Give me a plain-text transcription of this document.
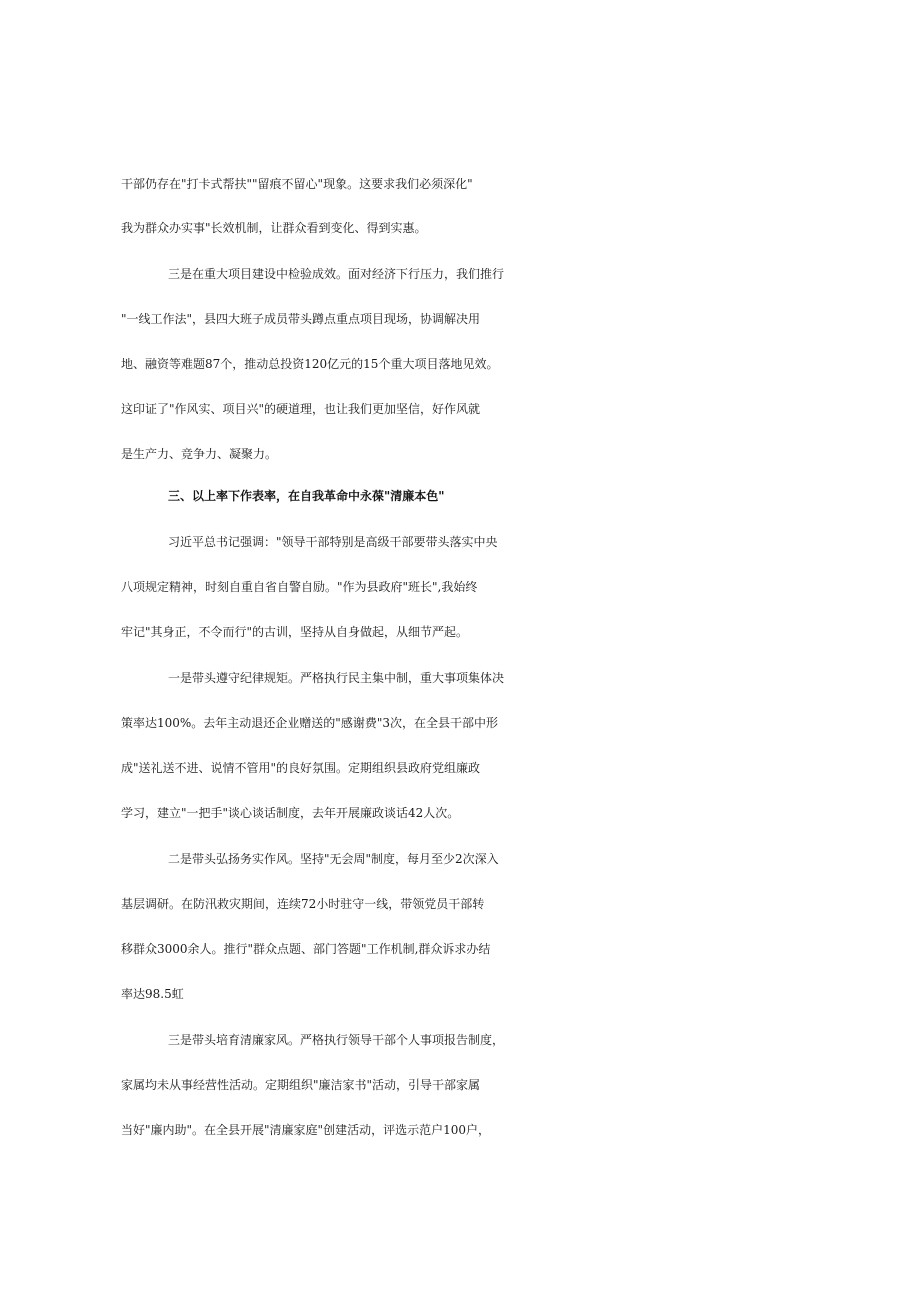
干部仍存在"打卡式帮扶""留痕不留心"现象。这要求我们必须深化"
我为群众办实事"长效机制，让群众看到变化、得到实惠。
三是在重大项目建设中检验成效。面对经济下行压力，我们推行
"一线工作法"，县四大班子成员带头蹲点重点项目现场，协调解决用
地、融资等难题87个，推动总投资120亿元的15个重大项目落地见效。
这印证了"作风实、项目兴"的硬道理，也让我们更加坚信，好作风就
是生产力、竞争力、凝聚力。
三、以上率下作表率，在自我革命中永葆"清廉本色"
习近平总书记强调："领导干部特别是高级干部要带头落实中央
八项规定精神，时刻自重自省自警自励。"作为县政府"班长",我始终
牢记"其身正，不令而行"的古训，坚持从自身做起，从细节严起。
一是带头遵守纪律规矩。严格执行民主集中制，重大事项集体决
策率达100%。去年主动退还企业赠送的"感谢费"3次，在全县干部中形
成"送礼送不进、说情不管用"的良好氛围。定期组织县政府党组廉政
学习，建立"一把手"谈心谈话制度，去年开展廉政谈话42人次。
二是带头弘扬务实作风。坚持"无会周"制度，每月至少2次深入
基层调研。在防汛救灾期间，连续72小时驻守一线，带领党员干部转
移群众3000余人。推行"群众点题、部门答题"工作机制,群众诉求办结
率达98.5虹
三是带头培育清廉家风。严格执行领导干部个人事项报告制度，
家属均未从事经营性活动。定期组织"廉洁家书"活动，引导干部家属
当好"廉内助"。在全县开展"清廉家庭"创建活动，评选示范户100户，
